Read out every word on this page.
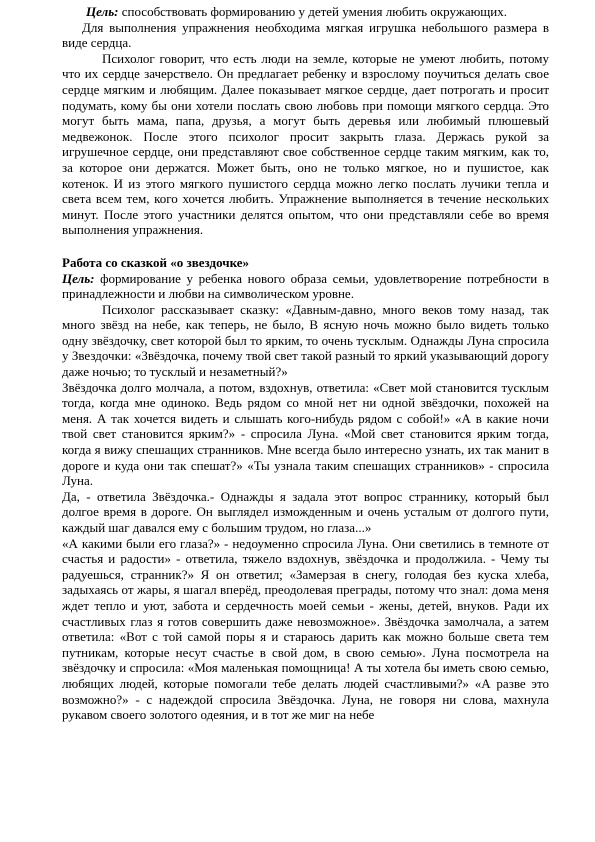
Цель: способствовать формированию у детей умения любить окружающих.

Для выполнения упражнения необходима мягкая игрушка небольшого размера в виде сердца.

Психолог говорит, что есть люди на земле, которые не умеют любить, потому что их сердце зачерствело. Он предлагает ребенку и взрослому поучиться делать свое сердце мягким и любящим. Далее показывает мягкое сердце, дает потрогать и просит подумать, кому бы они хотели послать свою любовь при помощи мягкого сердца. Это могут быть мама, папа, друзья, а могут быть деревья или любимый плюшевый медвежонок. После этого психолог просит закрыть глаза. Держась рукой за игрушечное сердце, они представляют свое собственное сердце таким мягким, как то, за которое они держатся. Может быть, оно не только мягкое, но и пушистое, как котенок. И из этого мягкого пушистого сердца можно легко послать лучики тепла и света всем тем, кого хочется любить. Упражнение выполняется в течение нескольких минут. После этого участники делятся опытом, что они представляли себе во время выполнения упражнения.

Работа со сказкой «о звездочке»

Цель: формирование у ребенка нового образа семьи, удовлетворение потребности в принадлежности и любви на символическом уровне.

Психолог рассказывает сказку: «Давным-давно, много веков тому назад, так много звёзд на небе, как теперь, не было, В ясную ночь можно было видеть только одну звёздочку, свет которой был то ярким, то очень тусклым. Однажды Луна спросила у Звездочки: «Звёздочка, почему твой свет такой разный то яркий указывающий дорогу даже ночью; то тусклый и незаметный?»

Звёздочка долго молчала, а потом, вздохнув, ответила: «Свет мой становится тусклым тогда, когда мне одиноко. Ведь рядом со мной нет ни одной звёздочки, похожей на меня. А так хочется видеть и слышать кого-нибудь рядом с собой!» «А в какие ночи твой свет становится ярким?» - спросила Луна. «Мой свет становится ярким тогда, когда я вижу спешащих странников. Мне всегда было интересно узнать, их так манит в дороге и куда они так спешат?» «Ты узнала таким спешащих странников» - спросила Луна.

Да, - ответила Звёздочка.- Однажды я задала этот вопрос страннику, который был долгое время в дороге. Он выглядел изможденным и очень усталым от долгого пути, каждый шаг давался ему с большим трудом, но глаза...»

«А какими были его глаза?» - недоуменно спросила Луна. Они светились в темноте от счастья и радости» - ответила, тяжело вздохнув, звёздочка и продолжила. - Чему ты радуешься, странник?» Я он ответил; «Замерзая в снегу, голодая без куска хлеба, задыхаясь от жары, я шагал вперёд, преодолевая преграды, потому что знал: дома меня ждет тепло и уют, забота и сердечность моей семьи - жены, детей, внуков. Ради их счастливых глаз я готов совершить даже невозможное». Звёздочка замолчала, а затем ответила: «Вот с той самой поры я и стараюсь дарить как можно больше света тем путникам, которые несут счастье в свой дом, в свою семью». Луна посмотрела на звёздочку и спросила: «Моя маленькая помощница! А ты хотела бы иметь свою семью, любящих людей, которые помогали тебе делать людей счастливыми?» «А разве это возможно?» - с надеждой спросила Звёздочка. Луна, не говоря ни слова, махнула рукавом своего золотого одеяния, и в тот же миг на небе
